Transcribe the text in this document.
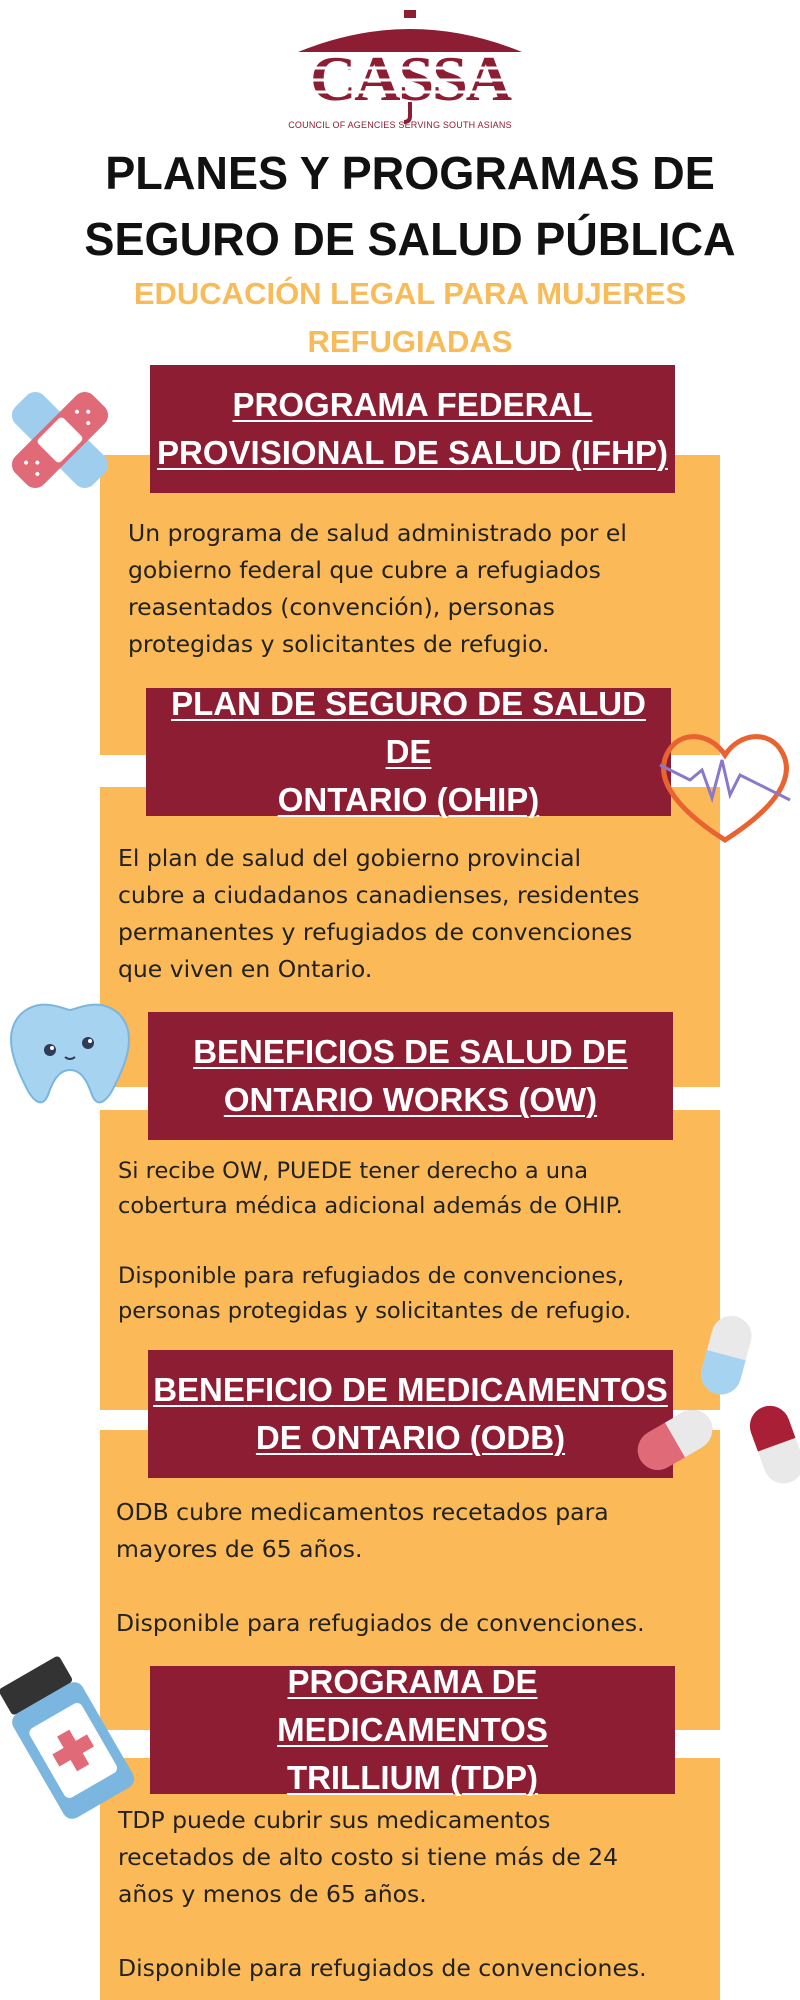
CASSA
COUNCIL OF AGENCIES SERVING SOUTH ASIANS
PLANES Y PROGRAMAS DE
SEGURO DE SALUD PÚBLICA
EDUCACIÓN LEGAL PARA MUJERES
REFUGIADAS
PROGRAMA FEDERAL
PROVISIONAL DE SALUD (IFHP)
Un programa de salud administrado por el
gobierno federal que cubre a refugiados
reasentados (convención), personas
protegidas y solicitantes de refugio.
PLAN DE SEGURO DE SALUD DE
ONTARIO (OHIP)
El plan de salud del gobierno provincial
cubre a ciudadanos canadienses, residentes
permanentes y refugiados de convenciones
que viven en Ontario.
BENEFICIOS DE SALUD DE
ONTARIO WORKS (OW)
Si recibe OW, PUEDE tener derecho a una
cobertura médica adicional además de OHIP.

Disponible para refugiados de convenciones,
personas protegidas y solicitantes de refugio.
BENEFICIO DE MEDICAMENTOS
DE ONTARIO (ODB)
ODB cubre medicamentos recetados para
mayores de 65 años.

Disponible para refugiados de convenciones.
PROGRAMA DE MEDICAMENTOS
TRILLIUM (TDP)
TDP puede cubrir sus medicamentos
recetados de alto costo si tiene más de 24
años y menos de 65 años.

Disponible para refugiados de convenciones.
